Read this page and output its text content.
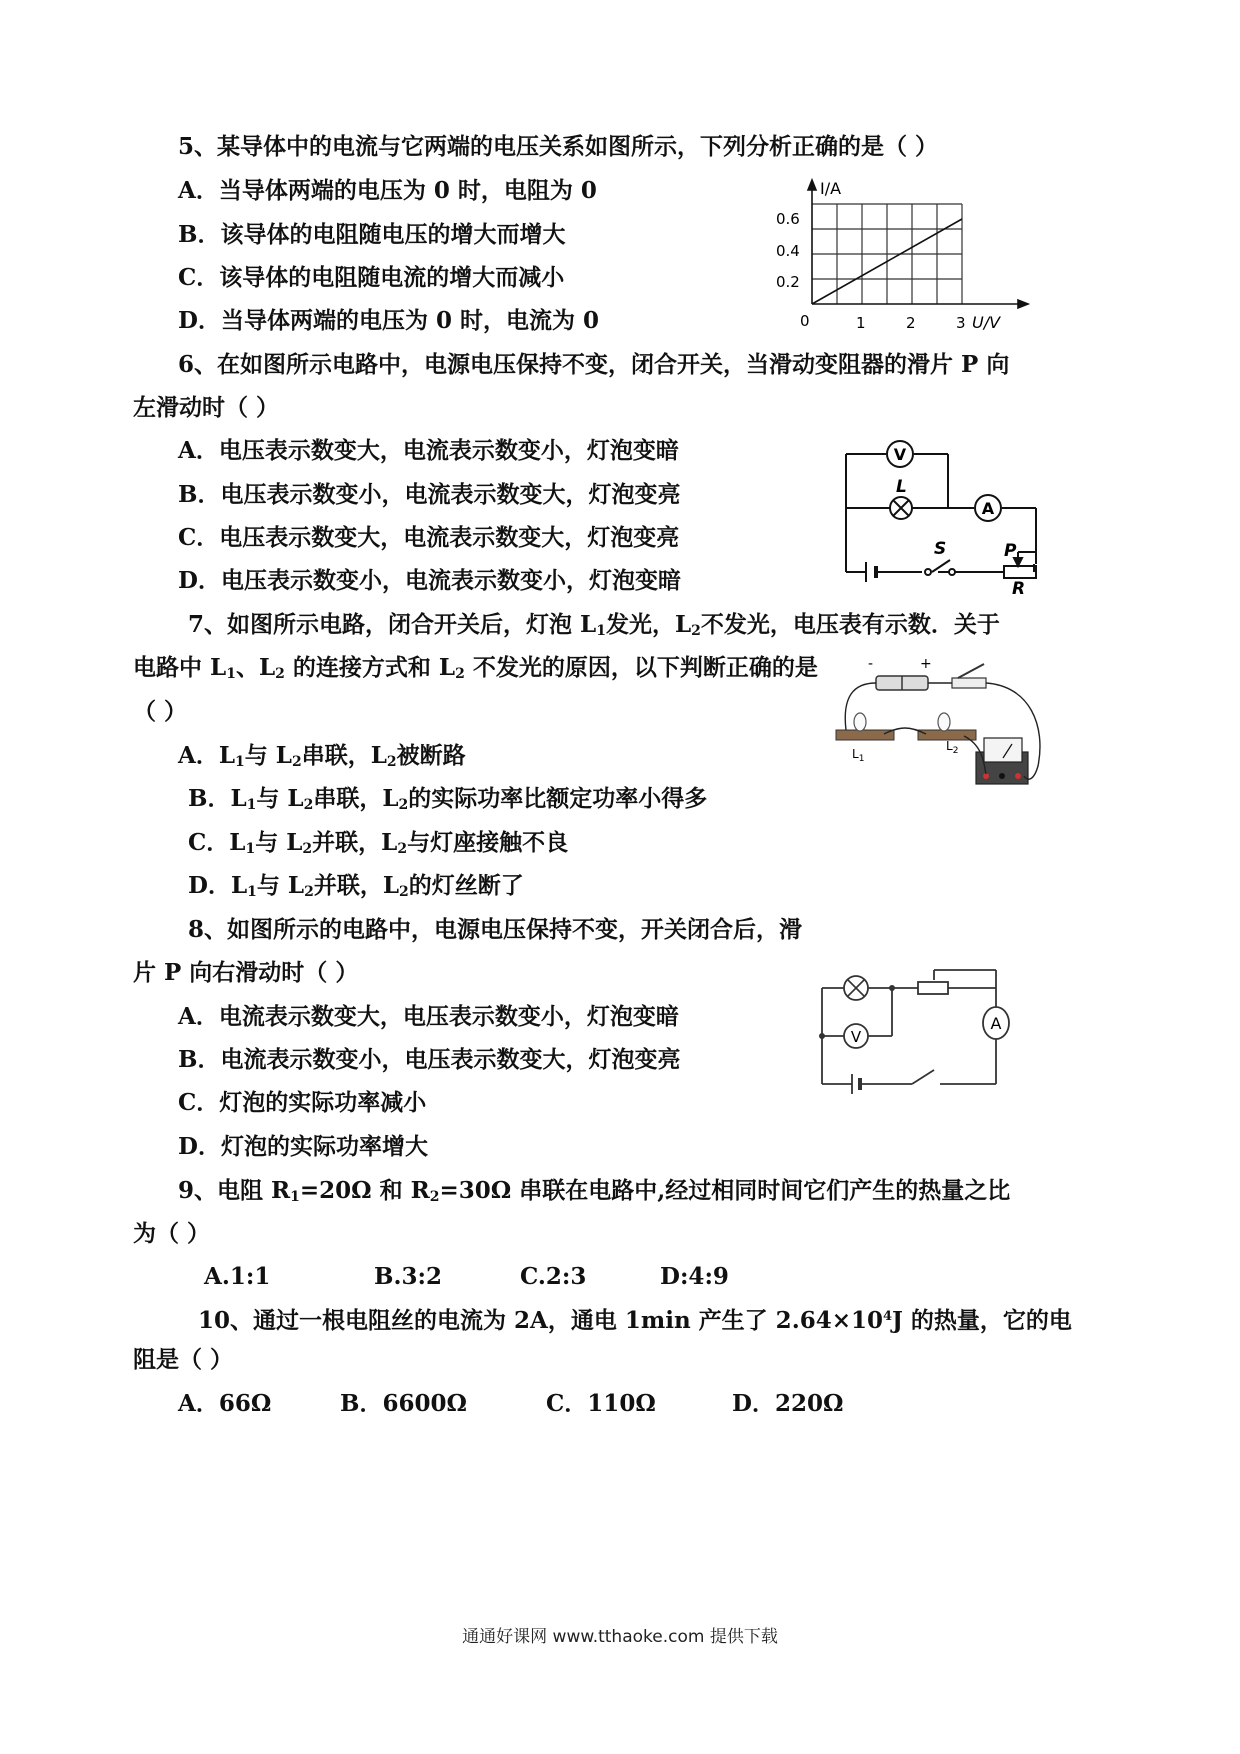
5、某导体中的电流与它两端的电压关系如图所示，下列分析正确的是（ ）
A．当导体两端的电压为 0 时，电阻为 0
B．该导体的电阻随电压的增大而增大
C．该导体的电阻随电流的增大而减小
D．当导体两端的电压为 0 时，电流为 0
I/A
0.6
0.4
0.2
0	1	2	3 U/V
6、在如图所示电路中，电源电压保持不变，闭合开关，当滑动变阻器的滑片 P 向
左滑动时（ ）
A．电压表示数变大，电流表示数变小，灯泡变暗
B．电压表示数变小，电流表示数变大，灯泡变亮
C．电压表示数变大，电流表示数变大，灯泡变亮
D．电压表示数变小，电流表示数变小，灯泡变暗
V
L
A
S	P
R
7、如图所示电路，闭合开关后，灯泡 $L_1$发光，$L_2$不发光，电压表有示数．关于
电路中 $L_1$、$L_2$ 的连接方式和 $L_2$ 不发光的原因，以下判断正确的是
（ ）
A．$L_1$与 $L_2$串联，$L_2$被断路
B．$L_1$与 $L_2$串联，$L_2$的实际功率比额定功率小得多
C．$L_1$与 $L_2$并联，$L_2$与灯座接触不良
D．$L_1$与 $L_2$并联，$L_2$的灯丝断了
-	+
$L_1$
$L_2$
8、如图所示的电路中，电源电压保持不变，开关闭合后，滑
片 P 向右滑动时（ ）
A．电流表示数变大，电压表示数变小，灯泡变暗
B．电流表示数变小，电压表示数变大，灯泡变亮
C．灯泡的实际功率减小
D．灯泡的实际功率增大
V
A
9、电阻 $R_1=20\Omega$ 和 $R_2=30\Omega$ 串联在电路中,经过相同时间它们产生的热量之比
为（ ）
A.1:1	B.3:2	C.2:3	D:4:9
10、通过一根电阻丝的电流为 2A，通电 1min 产生了 $2.64\times 10^4J$ 的热量，它的电
阻是（ ）
A．66Ω	B．6600Ω	C．110Ω	D．220Ω
通通好课网 www.tthaoke.com 提供下载
